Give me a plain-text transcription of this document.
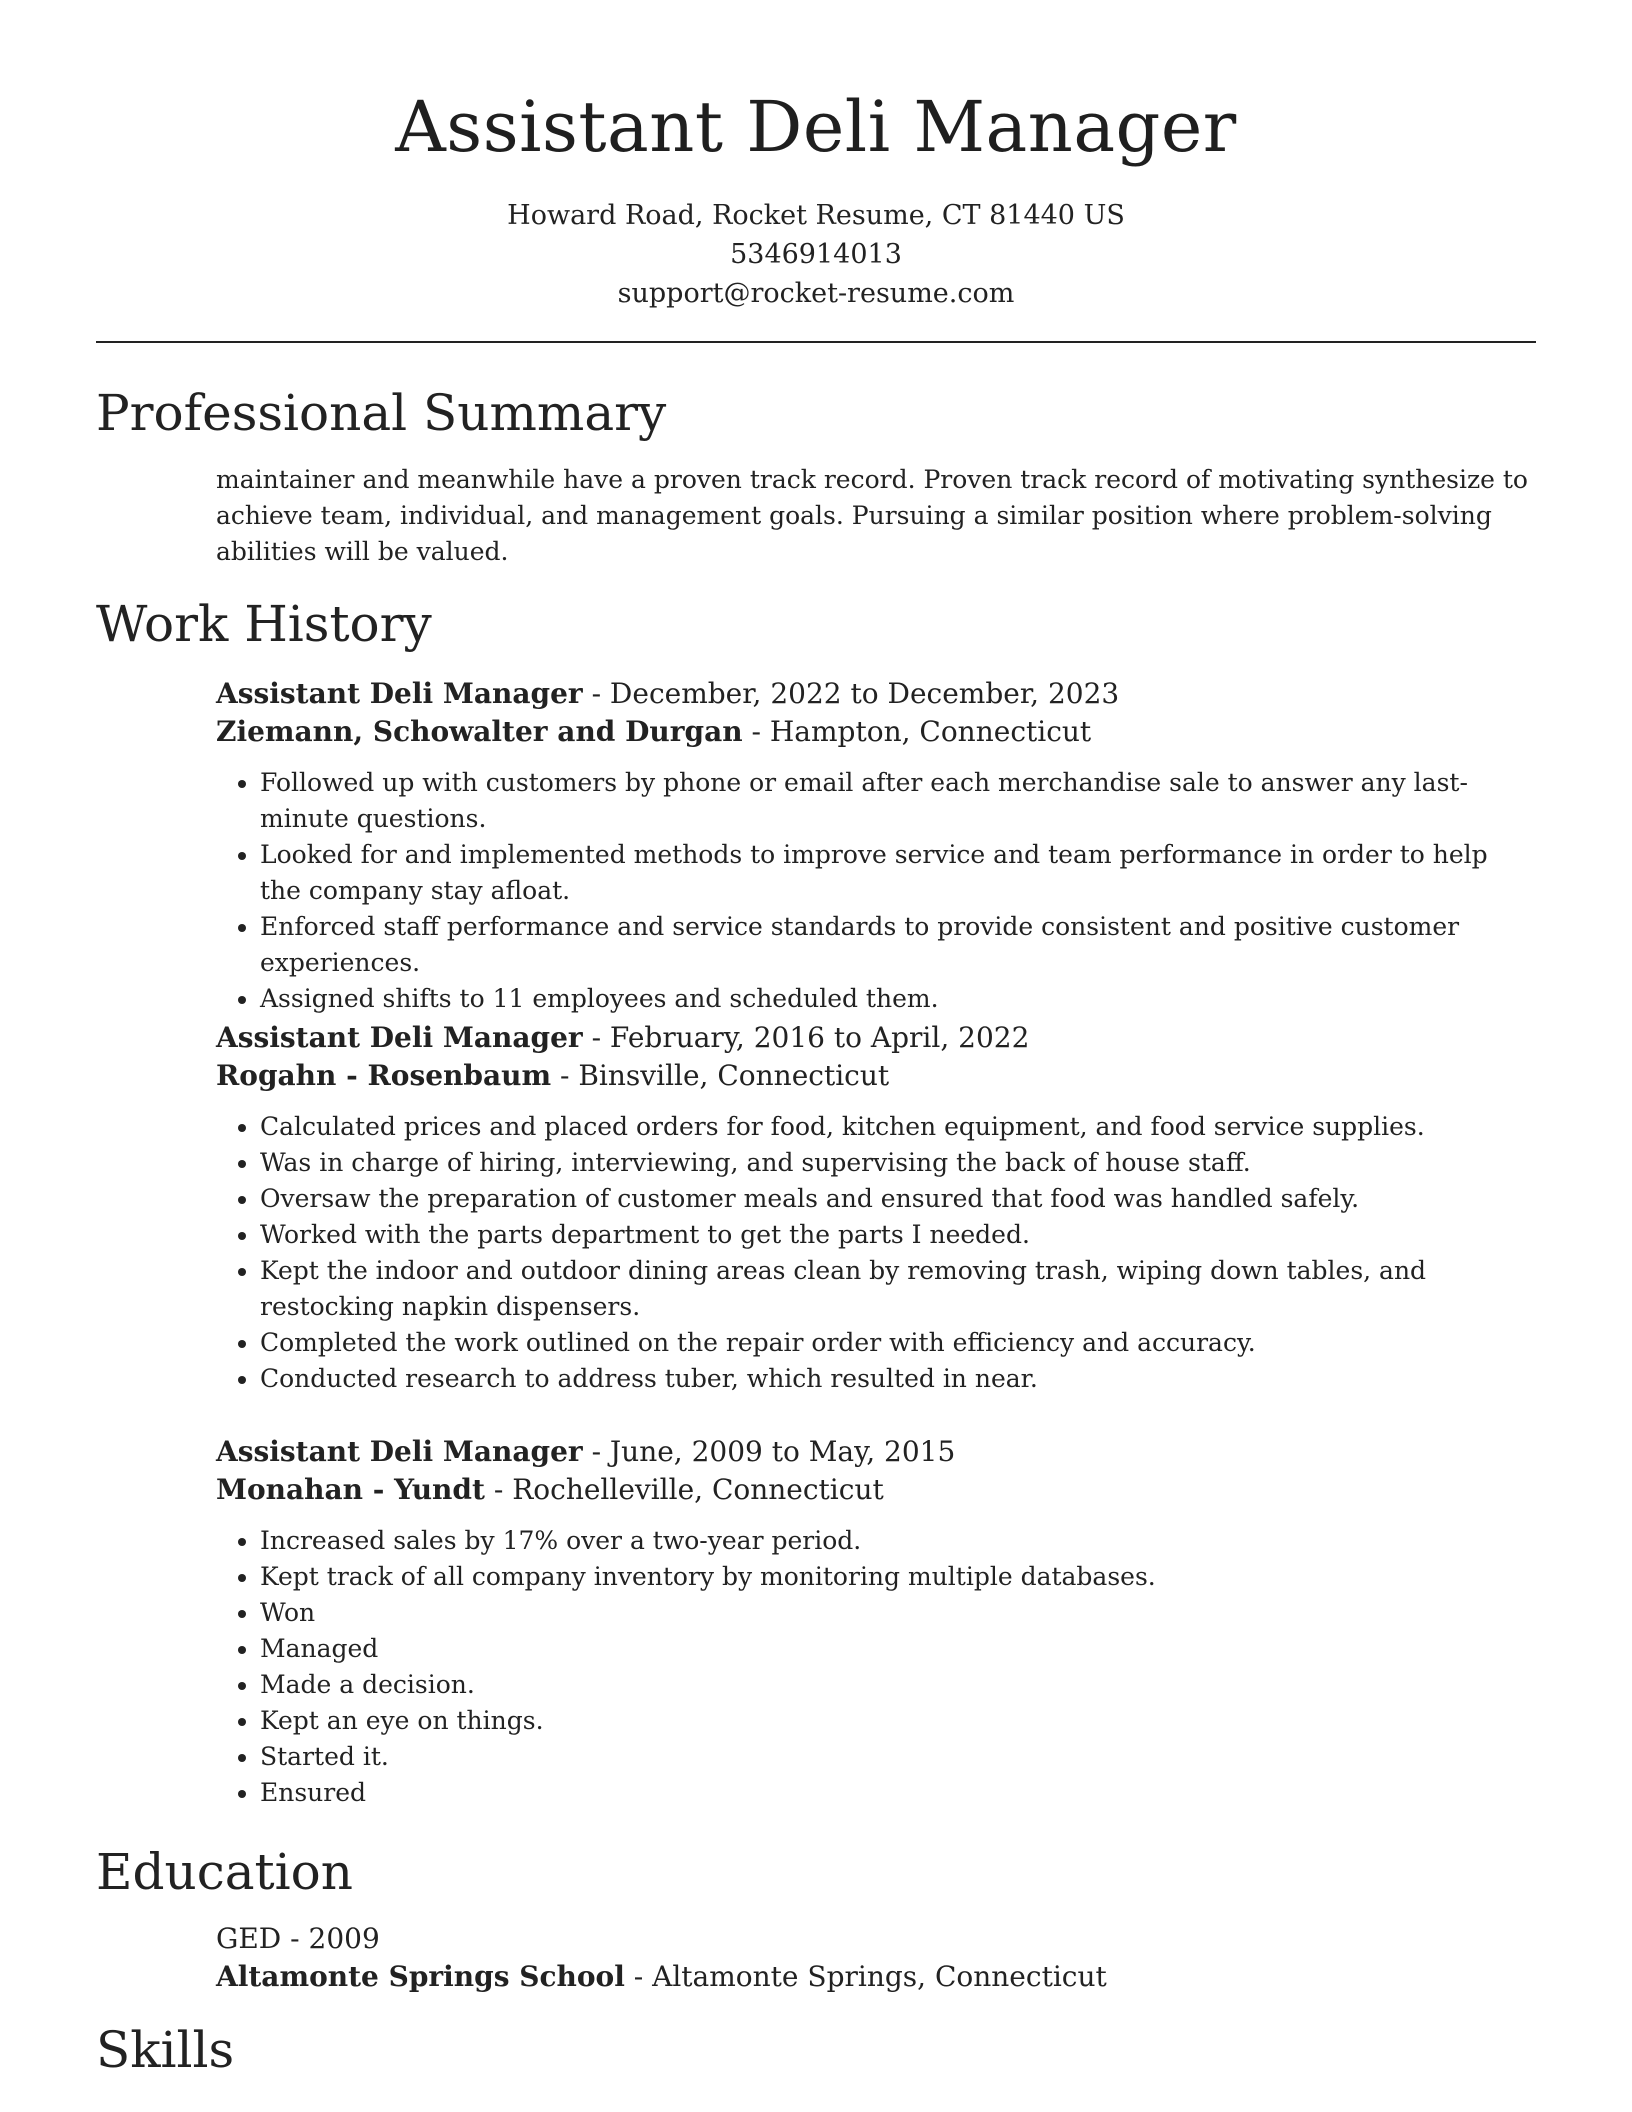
Assistant Deli Manager
Howard Road, Rocket Resume, CT 81440 US
5346914013
support@rocket-resume.com
Professional Summary
maintainer and meanwhile have a proven track record. Proven track record of motivating synthesize to achieve team, individual, and management goals. Pursuing a similar position where problem-solving abilities will be valued.
Work History
Assistant Deli Manager - December, 2022 to December, 2023
Ziemann, Schowalter and Durgan - Hampton, Connecticut
• Followed up with customers by phone or email after each merchandise sale to answer any last-minute questions.
• Looked for and implemented methods to improve service and team performance in order to help the company stay afloat.
• Enforced staff performance and service standards to provide consistent and positive customer experiences.
• Assigned shifts to 11 employees and scheduled them.
Assistant Deli Manager - February, 2016 to April, 2022
Rogahn - Rosenbaum - Binsville, Connecticut
• Calculated prices and placed orders for food, kitchen equipment, and food service supplies.
• Was in charge of hiring, interviewing, and supervising the back of house staff.
• Oversaw the preparation of customer meals and ensured that food was handled safely.
• Worked with the parts department to get the parts I needed.
• Kept the indoor and outdoor dining areas clean by removing trash, wiping down tables, and restocking napkin dispensers.
• Completed the work outlined on the repair order with efficiency and accuracy.
• Conducted research to address tuber, which resulted in near.
Assistant Deli Manager - June, 2009 to May, 2015
Monahan - Yundt - Rochelleville, Connecticut
• Increased sales by 17% over a two-year period.
• Kept track of all company inventory by monitoring multiple databases.
• Won
• Managed
• Made a decision.
• Kept an eye on things.
• Started it.
• Ensured
Education
GED - 2009
Altamonte Springs School - Altamonte Springs, Connecticut
Skills
